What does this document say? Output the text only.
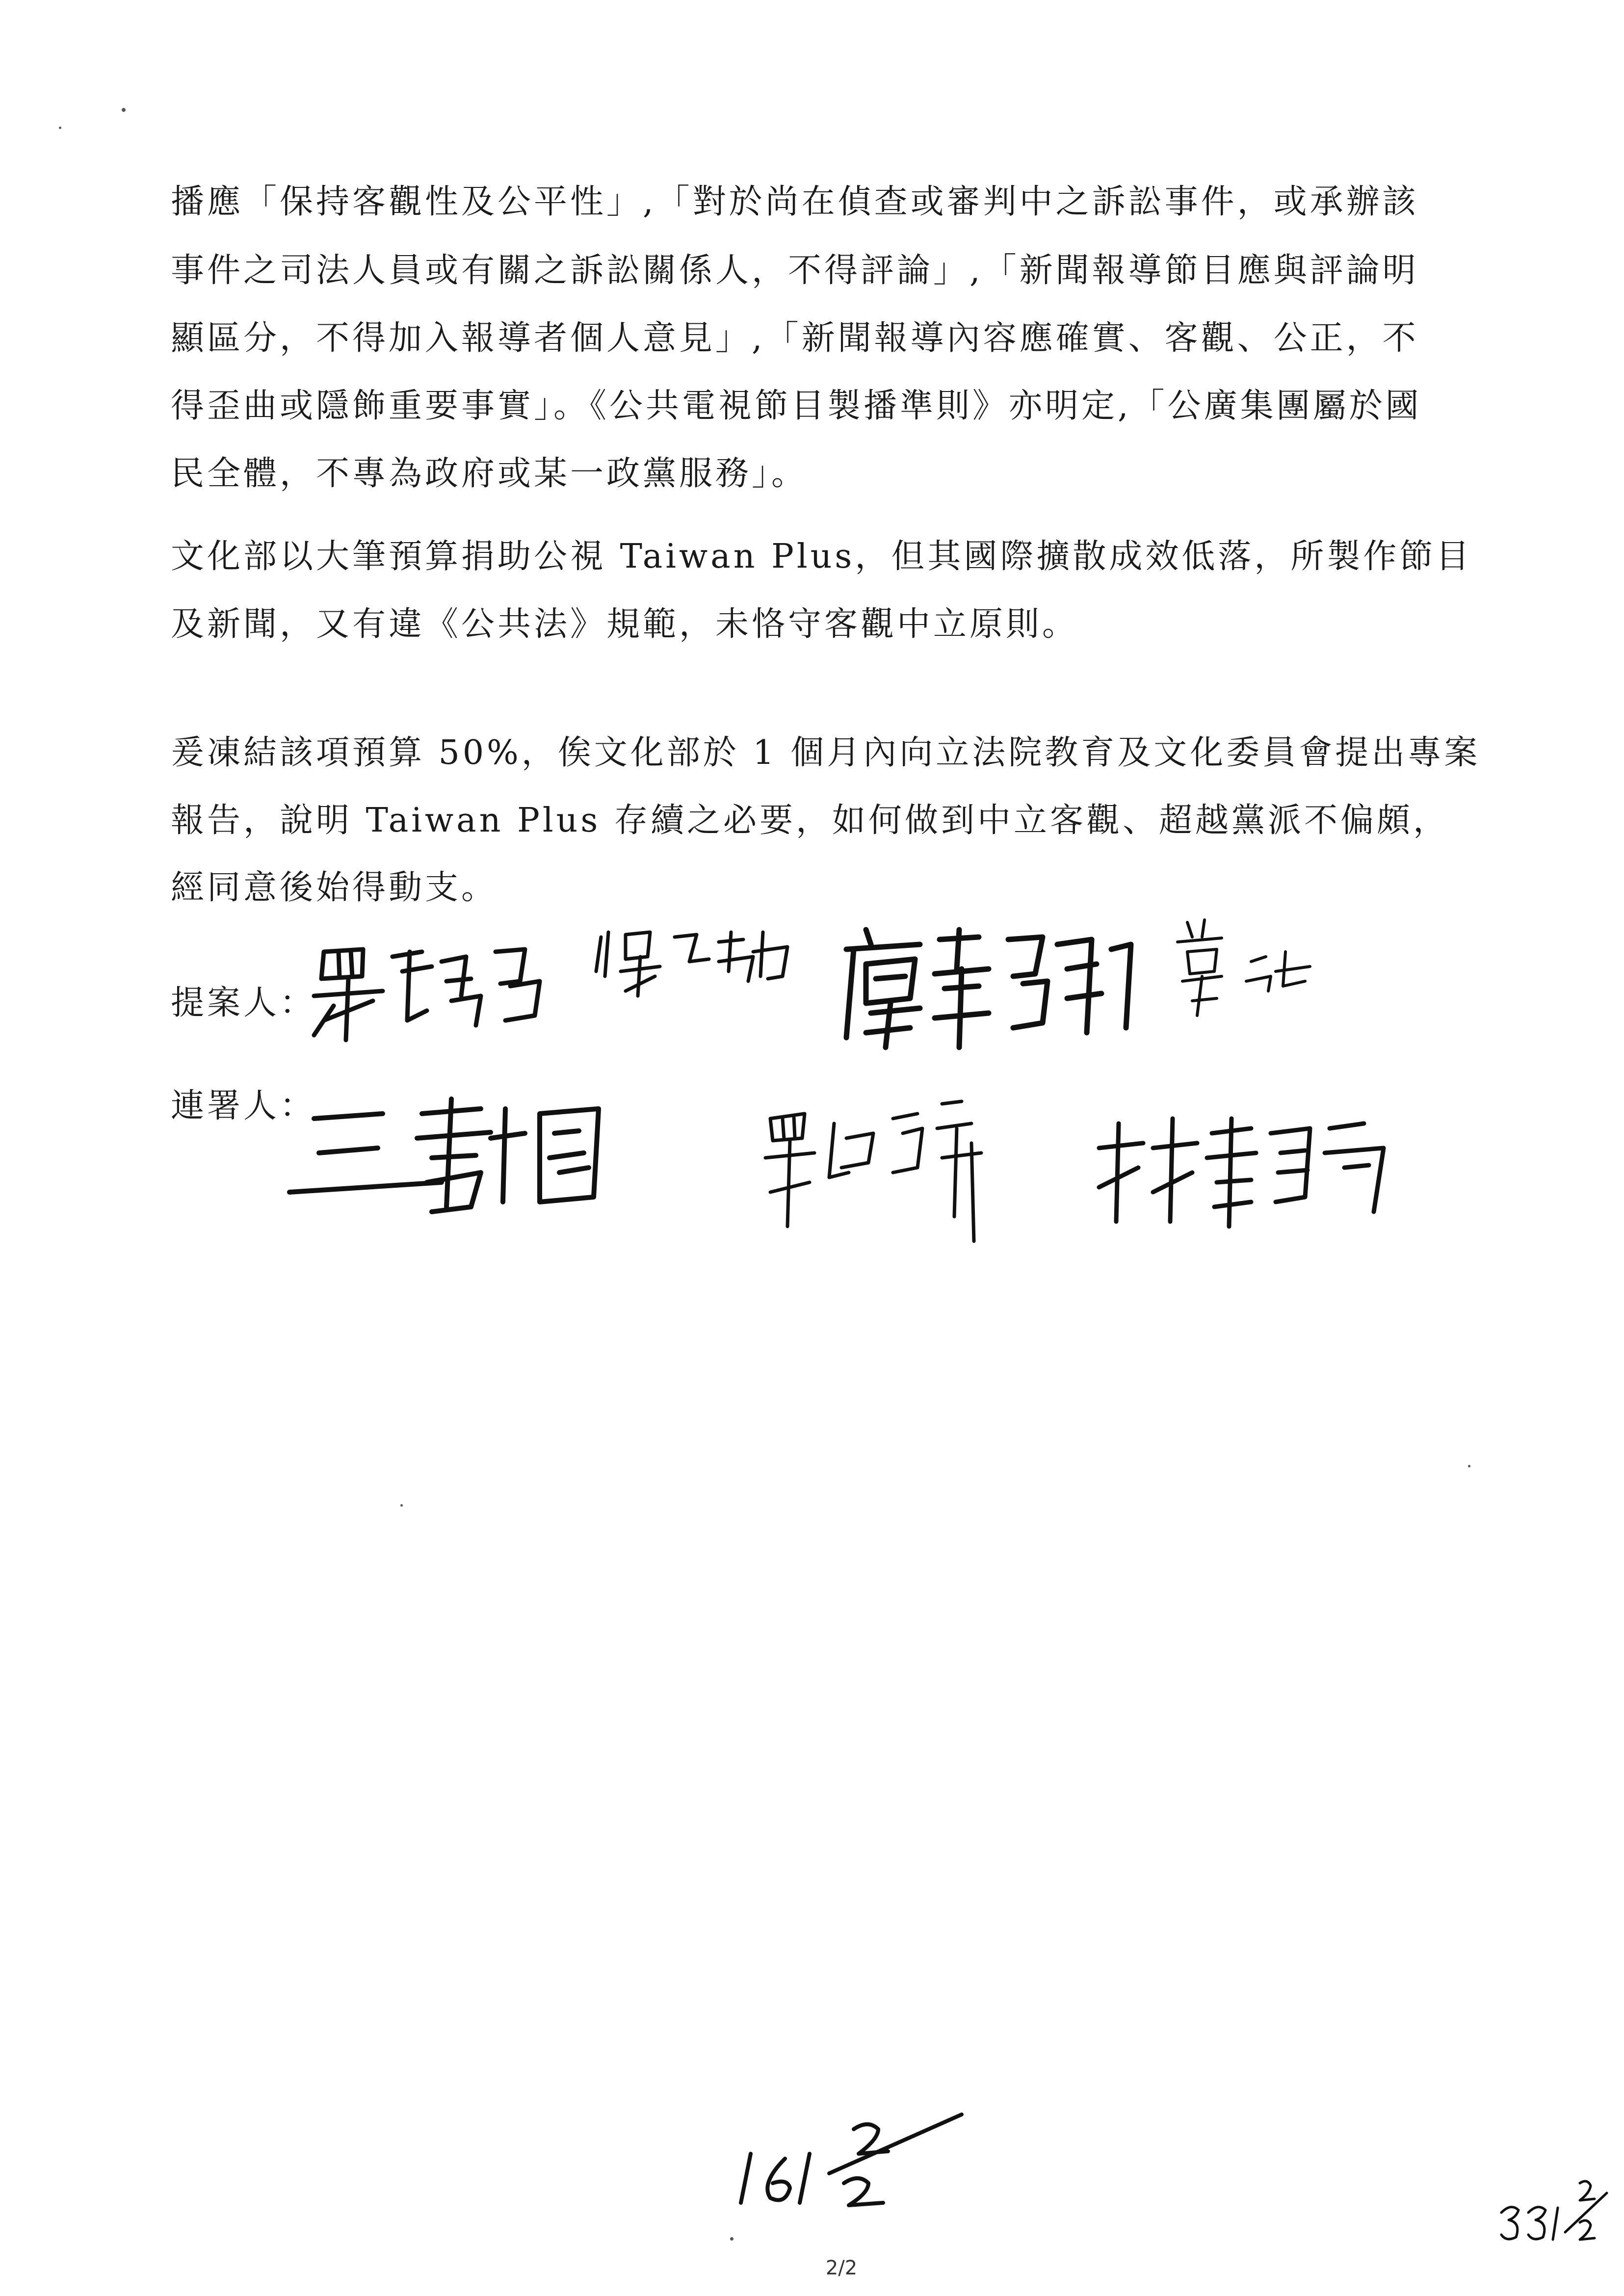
播應「保持客觀性及公平性」,「對於尚在偵查或審判中之訴訟事件，或承辦該
事件之司法人員或有關之訴訟關係人，不得評論」,「新聞報導節目應與評論明
顯區分，不得加入報導者個人意見」,「新聞報導內容應確實、客觀、公正，不
得歪曲或隱飾重要事實」。《公共電視節目製播準則》亦明定,「公廣集團屬於國
民全體，不專為政府或某一政黨服務」。
文化部以大筆預算捐助公視 Taiwan Plus，但其國際擴散成效低落，所製作節目
及新聞，又有違《公共法》規範，未恪守客觀中立原則。
爰凍結該項預算 50%，俟文化部於 1 個月內向立法院教育及文化委員會提出專案
報告，說明 Taiwan Plus 存續之必要，如何做到中立客觀、超越黨派不偏頗，
經同意後始得動支。
提案人：
連署人：
2/2
